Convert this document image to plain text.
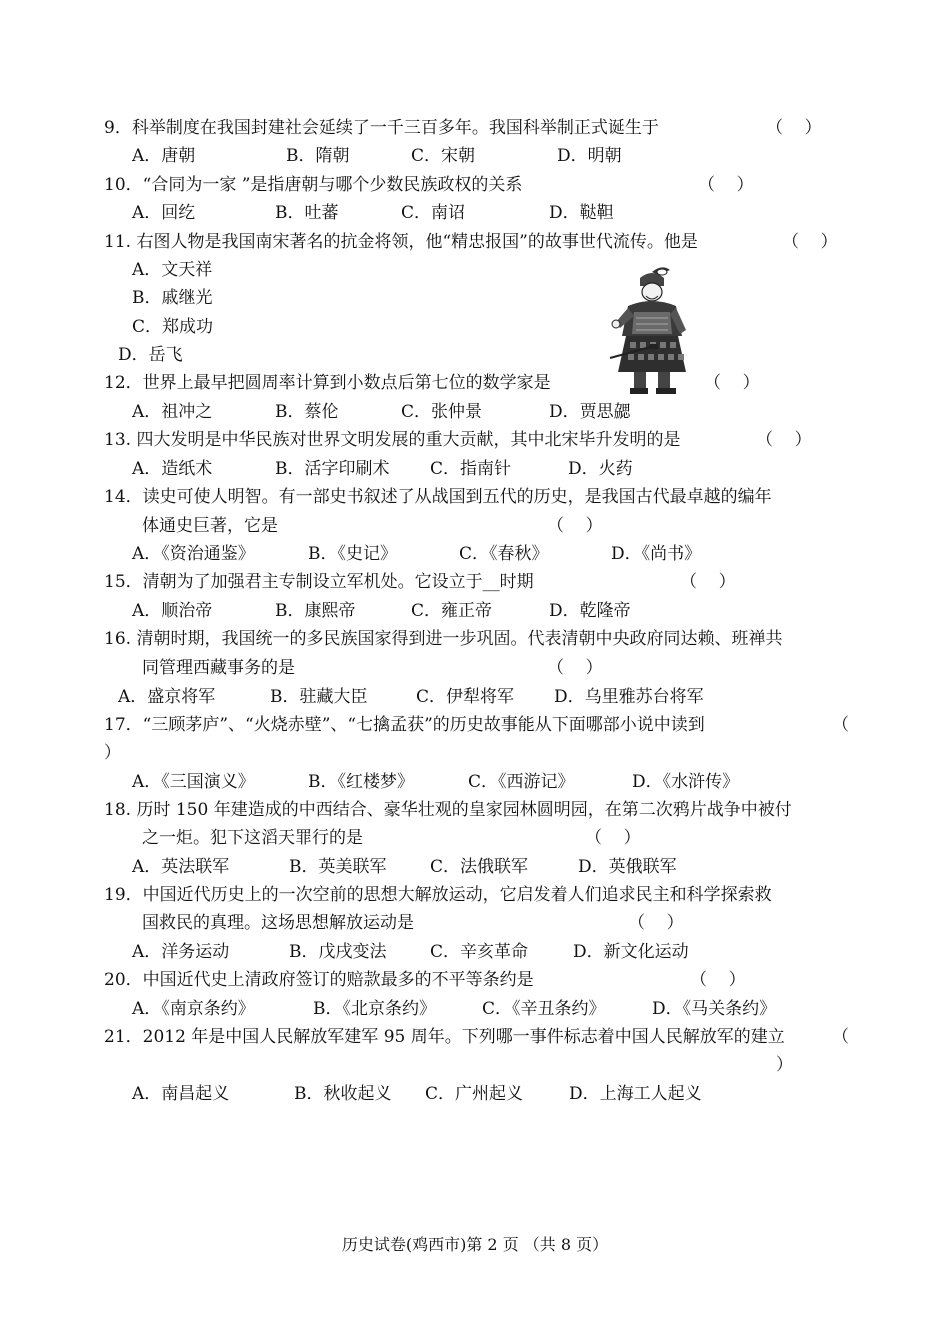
9．科举制度在我国封建社会延续了一千三百多年。我国科举制正式诞生于	（    ）
A．唐朝	B．隋朝	C．宋朝	D．明朝
10．“合同为一家 ”是指唐朝与哪个少数民族政权的关系	（    ）
A．回纥	B．吐蕃	C．南诏	D．鞑靼
11. 右图人物是我国南宋著名的抗金将领，他“精忠报国”的故事世代流传。他是	（    ）
A．文天祥
B．戚继光
C．郑成功
D．岳飞
12．世界上最早把圆周率计算到小数点后第七位的数学家是	（    ）
A．祖冲之	B．蔡伦	C．张仲景	D．贾思勰
13. 四大发明是中华民族对世界文明发展的重大贡献，其中北宋毕升发明的是	（    ）
A．造纸术	B．活字印刷术 C．指南针	D．火药
14．读史可使人明智。有一部史书叙述了从战国到五代的历史，是我国古代最卓越的编年
体通史巨著，它是	（    ）
A．《资治通鉴》	B．《史记》	C．《春秋》	D．《尚书》
15．清朝为了加强君主专制设立军机处。它设立于__时期	（    ）
A．顺治帝	B．康熙帝	C．雍正帝	D．乾隆帝
16. 清朝时期，我国统一的多民族国家得到进一步巩固。代表清朝中央政府同达赖、班禅共
同管理西藏事务的是	（    ）
A．盛京将军	B．驻藏大臣	C．伊犁将军 D．乌里雅苏台将军
17．“三顾茅庐”、“火烧赤壁”、“七擒孟获”的历史故事能从下面哪部小说中读到	（
）
A．《三国演义》	B．《红楼梦》	C．《西游记》	D．《水浒传》
18. 历时 150 年建造成的中西结合、豪华壮观的皇家园林圆明园，在第二次鸦片战争中被付
之一炬。犯下这滔天罪行的是	（    ）
A．英法联军	B．英美联军	C．法俄联军	D．英俄联军
19．中国近代历史上的一次空前的思想大解放运动，它启发着人们追求民主和科学探索救
国救民的真理。这场思想解放运动是	（    ）
A．洋务运动	B．戊戌变法	C．辛亥革命	D．新文化运动
20．中国近代史上清政府签订的赔款最多的不平等条约是	（    ）
A．《南京条约》	B．《北京条约》	C．《辛丑条约》	D．《马关条约》
21．2012 年是中国人民解放军建军 95 周年。下列哪一事件标志着中国人民解放军的建立	（
）
A．南昌起义	B．秋收起义 C．广州起义	D．上海工人起义
历史试卷(鸡西市)第 2 页 （共 8 页）
